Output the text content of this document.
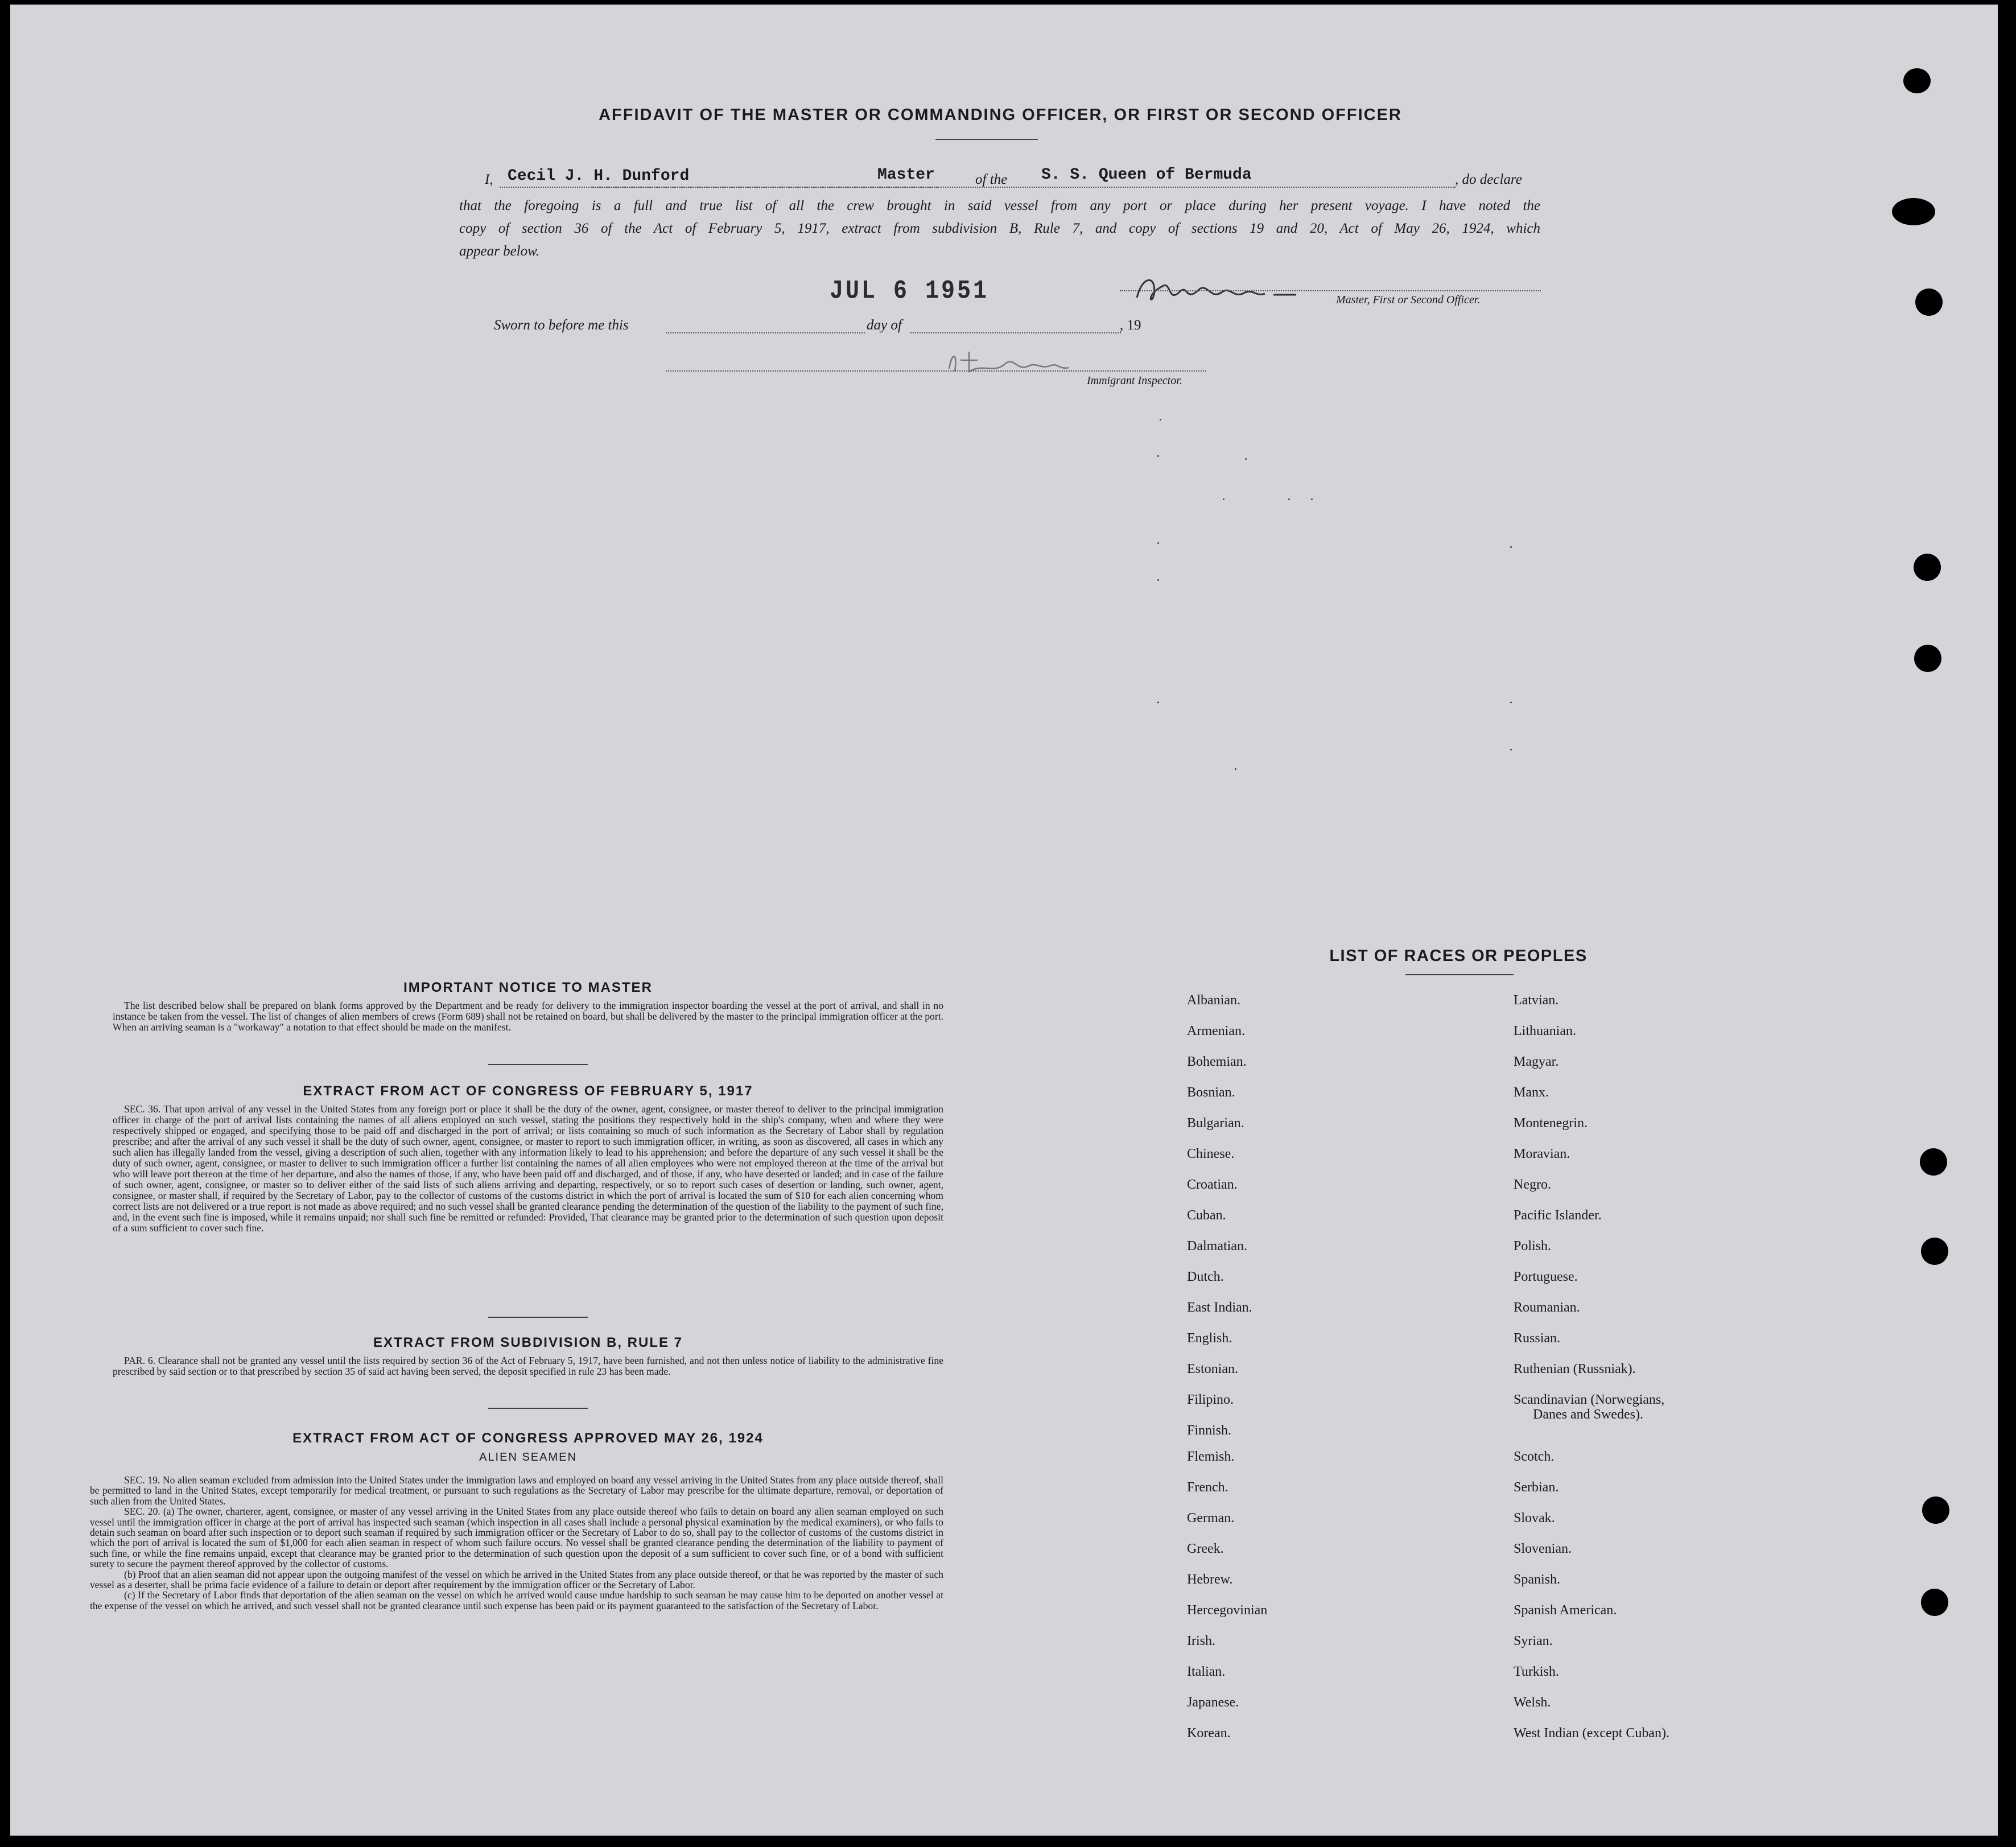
AFFIDAVIT OF THE MASTER OR COMMANDING OFFICER, OR FIRST OR SECOND OFFICER
I, Cecil J. H. Dunford	Master	of the S. S. Queen of Bermuda	, do declare
that the foregoing is a full and true list of all the crew brought in said vessel from any port or place during her present voyage. I have noted the
copy of section 36 of the Act of February 5, 1917, extract from subdivision B, Rule 7, and copy of sections 19 and 20, Act of May 26, 1924, which
appear below.
JUL 6 1951	Master, First or Second Officer.
Sworn to before me this	day of	, 19
Immigrant Inspector.
IMPORTANT NOTICE TO MASTER
The list described below shall be prepared on blank forms approved by the Department and be ready for delivery to the immigration inspector boarding the vessel at the port of arrival, and shall in no instance be taken from the vessel. The list of changes of alien members of crews (Form 689) shall not be retained on board, but shall be delivered by the master to the principal immigration officer at the port. When an arriving seaman is a "workaway" a notation to that effect should be made on the manifest.
EXTRACT FROM ACT OF CONGRESS OF FEBRUARY 5, 1917
SEC. 36. That upon arrival of any vessel in the United States from any foreign port or place it shall be the duty of the owner, agent, consignee, or master thereof to deliver to the principal immigration officer in charge of the port of arrival lists containing the names of all aliens employed on such vessel, stating the positions they respectively hold in the ship's company, when and where they were respectively shipped or engaged, and specifying those to be paid off and discharged in the port of arrival; or lists containing so much of such information as the Secretary of Labor shall by regulation prescribe; and after the arrival of any such vessel it shall be the duty of such owner, agent, consignee, or master to report to such immigration officer, in writing, as soon as discovered, all cases in which any such alien has illegally landed from the vessel, giving a description of such alien, together with any information likely to lead to his apprehension; and before the departure of any such vessel it shall be the duty of such owner, agent, consignee, or master to deliver to such immigration officer a further list containing the names of all alien employees who were not employed thereon at the time of the arrival but who will leave port thereon at the time of her departure, and also the names of those, if any, who have been paid off and discharged, and of those, if any, who have deserted or landed; and in case of the failure of such owner, agent, consignee, or master so to deliver either of the said lists of such aliens arriving and departing, respectively, or so to report such cases of desertion or landing, such owner, agent, consignee, or master shall, if required by the Secretary of Labor, pay to the collector of customs of the customs district in which the port of arrival is located the sum of $10 for each alien concerning whom correct lists are not delivered or a true report is not made as above required; and no such vessel shall be granted clearance pending the determination of the question of the liability to the payment of such fine, and, in the event such fine is imposed, while it remains unpaid; nor shall such fine be remitted or refunded: Provided, That clearance may be granted prior to the determination of such question upon deposit of a sum sufficient to cover such fine.
EXTRACT FROM SUBDIVISION B, RULE 7
PAR. 6. Clearance shall not be granted any vessel until the lists required by section 36 of the Act of February 5, 1917, have been furnished, and not then unless notice of liability to the administrative fine prescribed by said section or to that prescribed by section 35 of said act having been served, the deposit specified in rule 23 has been made.
EXTRACT FROM ACT OF CONGRESS APPROVED MAY 26, 1924
ALIEN SEAMEN
SEC. 19. No alien seaman excluded from admission into the United States under the immigration laws and employed on board any vessel arriving in the United States from any place outside thereof, shall be permitted to land in the United States, except temporarily for medical treatment, or pursuant to such regulations as the Secretary of Labor may prescribe for the ultimate departure, removal, or deportation of such alien from the United States.
SEC. 20. (a) The owner, charterer, agent, consignee, or master of any vessel arriving in the United States from any place outside thereof who fails to detain on board any alien seaman employed on such vessel until the immigration officer in charge at the port of arrival has inspected such seaman (which inspection in all cases shall include a personal physical examination by the medical examiners), or who fails to detain such seaman on board after such inspection or to deport such seaman if required by such immigration officer or the Secretary of Labor to do so, shall pay to the collector of customs of the customs district in which the port of arrival is located the sum of $1,000 for each alien seaman in respect of whom such failure occurs. No vessel shall be granted clearance pending the determination of the liability to payment of such fine, or while the fine remains unpaid, except that clearance may be granted prior to the determination of such question upon the deposit of a sum sufficient to cover such fine, or of a bond with sufficient surety to secure the payment thereof approved by the collector of customs.
(b) Proof that an alien seaman did not appear upon the outgoing manifest of the vessel on which he arrived in the United States from any place outside thereof, or that he was reported by the master of such vessel as a deserter, shall be prima facie evidence of a failure to detain or deport after requirement by the immigration officer or the Secretary of Labor.
(c) If the Secretary of Labor finds that deportation of the alien seaman on the vessel on which he arrived would cause undue hardship to such seaman he may cause him to be deported on another vessel at the expense of the vessel on which he arrived, and such vessel shall not be granted clearance until such expense has been paid or its payment guaranteed to the satisfaction of the Secretary of Labor.
LIST OF RACES OR PEOPLES
Albanian.
Armenian.
Bohemian.
Bosnian.
Bulgarian.
Chinese.
Croatian.
Cuban.
Dalmatian.
Dutch.
East Indian.
English.
Estonian.
Filipino.
Finnish.
Flemish.
French.
German.
Greek.
Hebrew.
Hercegovinian
Irish.
Italian.
Japanese.
Korean.
Latvian.
Lithuanian.
Magyar.
Manx.
Montenegrin.
Moravian.
Negro.
Pacific Islander.
Polish.
Portuguese.
Roumanian.
Russian.
Ruthenian (Russniak).
Scandinavian (Norwegians,
Danes and Swedes).
Scotch.
Serbian.
Slovak.
Slovenian.
Spanish.
Spanish American.
Syrian.
Turkish.
Welsh.
West Indian (except Cuban).
